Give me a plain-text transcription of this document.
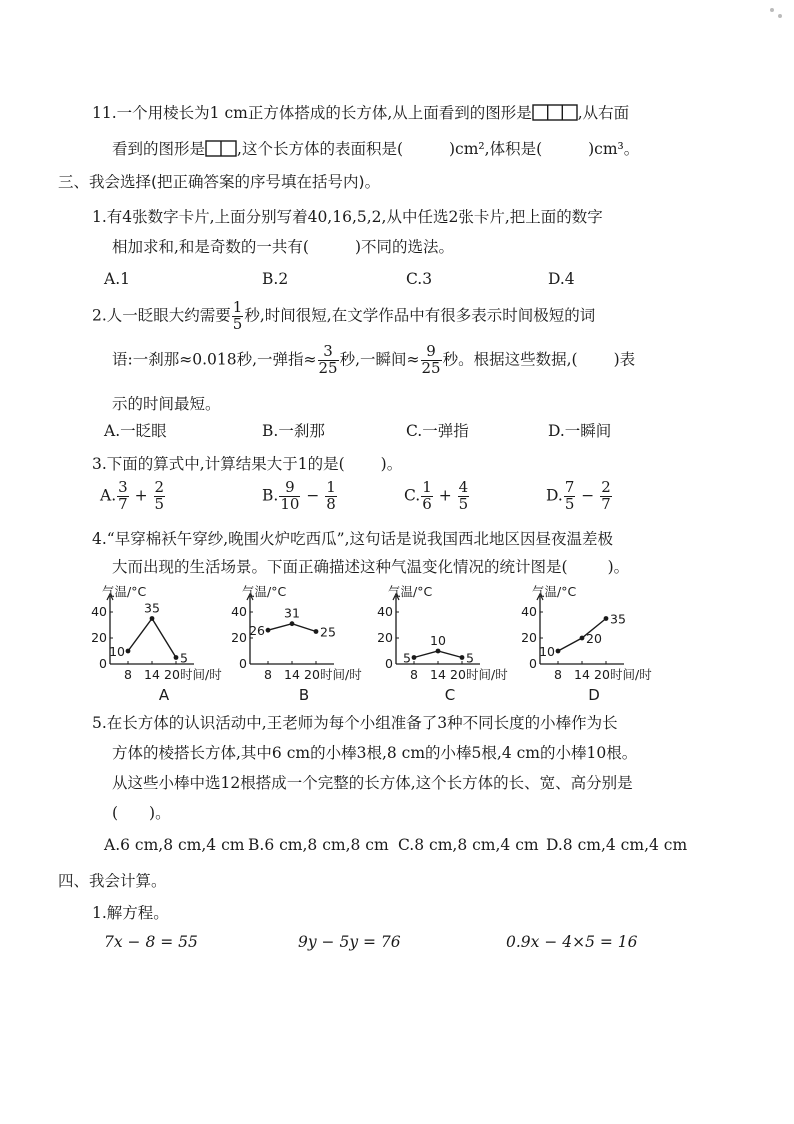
11.一个用棱长为1 cm正方体搭成的长方体,从上面看到的图形是	,从右面
看到的图形是 ,这个长方体的表面积是(	)cm²,体积是(	)cm³。
三、我会选择(把正确答案的序号填在括号内)。
1.有4张数字卡片,上面分别写着40,16,5,2,从中任选2张卡片,把上面的数字
相加求和,和是奇数的一共有(	)不同的选法。
A.1	B.2	C.3	D.4
2.人一眨眼大约需要 $\frac{1}{5}$ 秒,时间很短,在文学作品中有很多表示时间极短的词
语:一刹那≈0.018秒,一弹指≈ $\frac{3}{25}$ 秒,一瞬间≈ $\frac{9}{25}$ 秒。根据这些数据,( )表
示的时间最短。
A.一眨眼	B.一刹那	C.一弹指	D.一瞬间
3.下面的算式中,计算结果大于1的是( )。
A. $\frac{3}{7} + \frac{2}{5}$	B. $\frac{9}{10} - \frac{1}{8}$	C. $\frac{1}{6} + \frac{4}{5}$	D. $\frac{7}{5} - \frac{2}{7}$
4.“早穿棉袄午穿纱,晚围火炉吃西瓜”,这句话是说我国西北地区因昼夜温差极
大而出现的生活场景。下面正确描述这种气温变化情况的统计图是(	)。
气温/°C
40
20
0
8 14 20 时间/时
10
35
5
A
气温/°C
40
20
0
8 14 20 时间/时
26
31
25
B
气温/°C
40
20
0
8 14 20 时间/时
5
10
5
C
气温/°C
40
20
0
8 14 20 时间/时
10
20
35
D
5.在长方体的认识活动中,王老师为每个小组准备了3种不同长度的小棒作为长
方体的棱搭长方体,其中6 cm的小棒3根,8 cm的小棒5根,4 cm的小棒10根。
从这些小棒中选12根搭成一个完整的长方体,这个长方体的长、宽、高分别是
(　　)。
A.6 cm,8 cm,4 cm B.6 cm,8 cm,8 cm C.8 cm,8 cm,4 cm D.8 cm,4 cm,4 cm
四、我会计算。
1.解方程。
7x − 8 = 55	9y − 5y = 76	0.9x − 4×5 = 16
